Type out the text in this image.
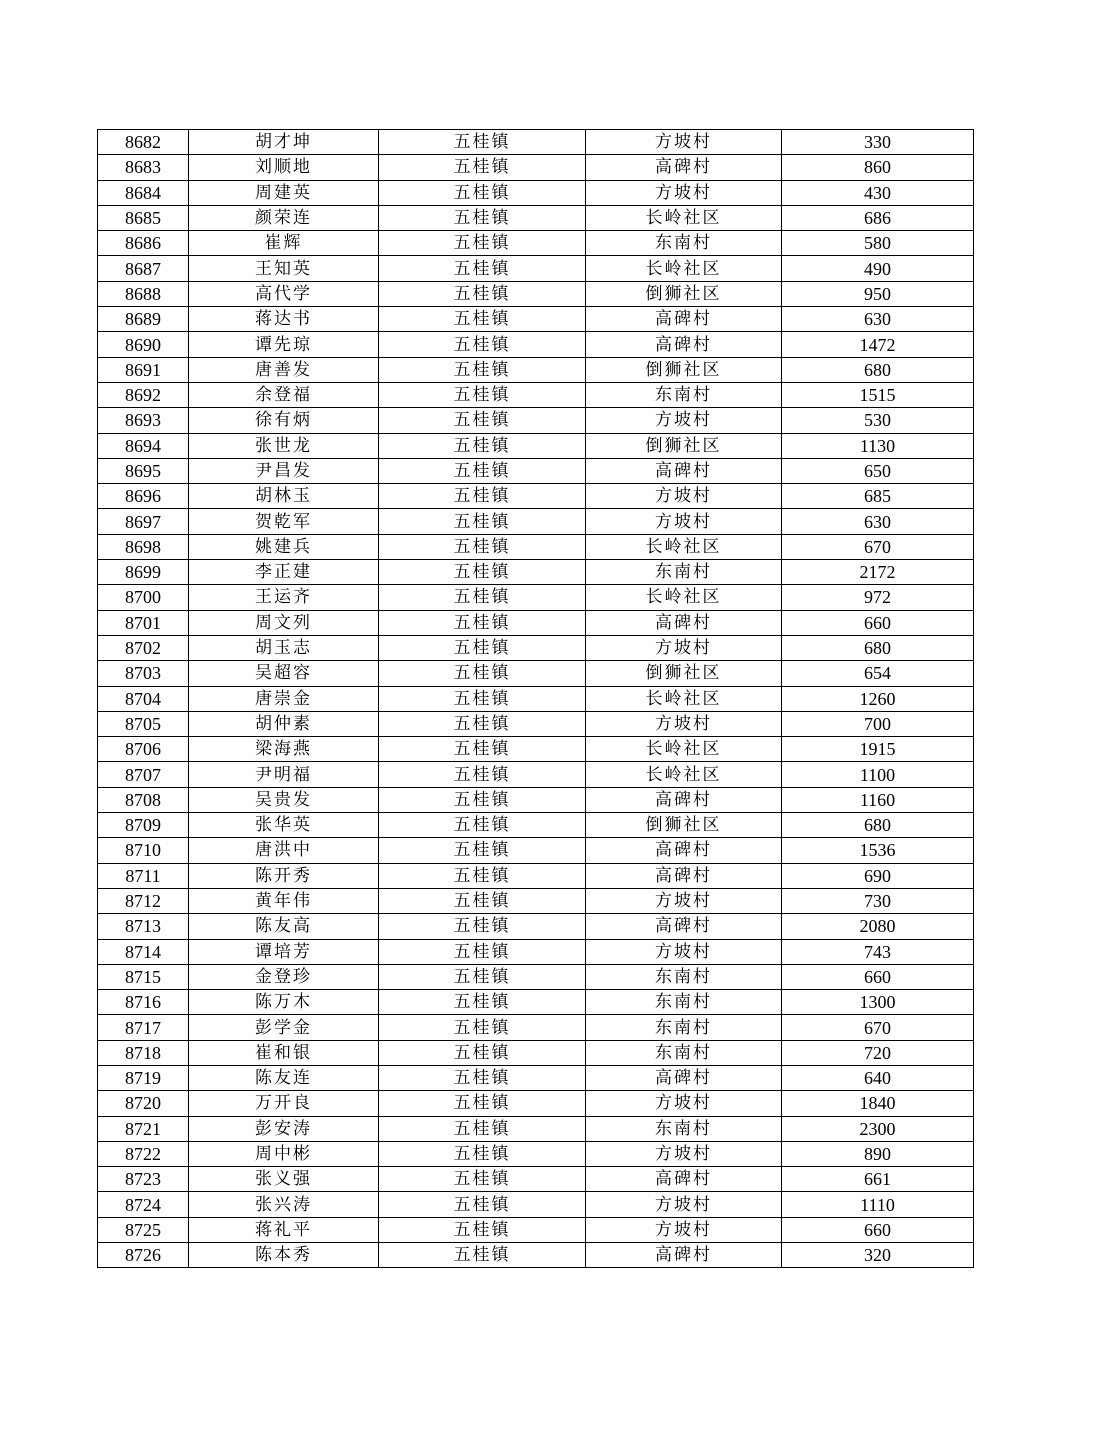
8682	胡才坤	五桂镇	方坡村	330
8683	刘顺地	五桂镇	高碑村	860
8684	周建英	五桂镇	方坡村	430
8685	颜荣连	五桂镇	长岭社区	686
8686	崔辉	五桂镇	东南村	580
8687	王知英	五桂镇	长岭社区	490
8688	高代学	五桂镇	倒狮社区	950
8689	蒋达书	五桂镇	高碑村	630
8690	谭先琼	五桂镇	高碑村	1472
8691	唐善发	五桂镇	倒狮社区	680
8692	余登福	五桂镇	东南村	1515
8693	徐有炳	五桂镇	方坡村	530
8694	张世龙	五桂镇	倒狮社区	1130
8695	尹昌发	五桂镇	高碑村	650
8696	胡林玉	五桂镇	方坡村	685
8697	贺乾军	五桂镇	方坡村	630
8698	姚建兵	五桂镇	长岭社区	670
8699	李正建	五桂镇	东南村	2172
8700	王运齐	五桂镇	长岭社区	972
8701	周文列	五桂镇	高碑村	660
8702	胡玉志	五桂镇	方坡村	680
8703	吴超容	五桂镇	倒狮社区	654
8704	唐崇金	五桂镇	长岭社区	1260
8705	胡仲素	五桂镇	方坡村	700
8706	梁海燕	五桂镇	长岭社区	1915
8707	尹明福	五桂镇	长岭社区	1100
8708	吴贵发	五桂镇	高碑村	1160
8709	张华英	五桂镇	倒狮社区	680
8710	唐洪中	五桂镇	高碑村	1536
8711	陈开秀	五桂镇	高碑村	690
8712	黄年伟	五桂镇	方坡村	730
8713	陈友高	五桂镇	高碑村	2080
8714	谭培芳	五桂镇	方坡村	743
8715	金登珍	五桂镇	东南村	660
8716	陈万木	五桂镇	东南村	1300
8717	彭学金	五桂镇	东南村	670
8718	崔和银	五桂镇	东南村	720
8719	陈友连	五桂镇	高碑村	640
8720	万开良	五桂镇	方坡村	1840
8721	彭安涛	五桂镇	东南村	2300
8722	周中彬	五桂镇	方坡村	890
8723	张义强	五桂镇	高碑村	661
8724	张兴涛	五桂镇	方坡村	1110
8725	蒋礼平	五桂镇	方坡村	660
8726	陈本秀	五桂镇	高碑村	320
